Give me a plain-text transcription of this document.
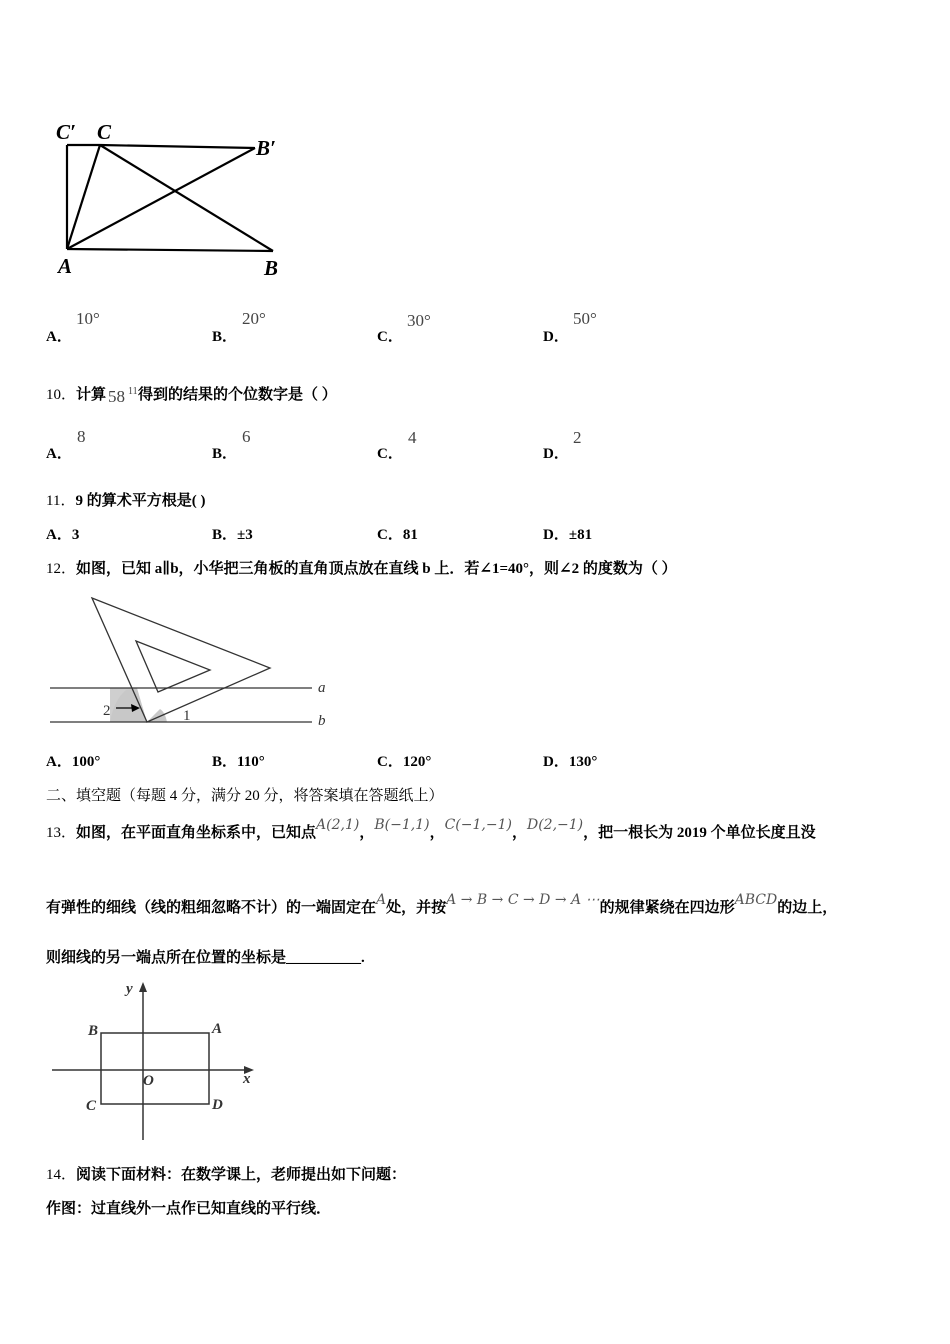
C′ C
B′
A	B
A．
10°
B．
20°
C．
30°
D．
50°
10．计算 58 11 得到的结果的个位数字是（ ）
A．
8
B．
6
C．
4
D．
2
11．9 的算术平方根是( )
A．3	B．±3	C．81	D．±81
12．如图，已知 a∥b，小华把三角板的直角顶点放在直线 b 上．若∠1=40°，则∠2 的度数为（ ）
a
b
1
2
A．100°	B．110°	C．120°	D．130°
二、填空题（每题 4 分，满分 20 分，将答案填在答题纸上）
13．如图，在平面直角坐标系中，已知点A(2,1)，B(−1,1)，C(−1,−1)，D(2,−1)，把一根长为 2019 个单位长度且没
有弹性的细线（线的粗细忽略不计）的一端固定在A处，并按A → B → C → D → A ⋯的规律紧绕在四边形ABCD的边上，
则细线的另一端点所在位置的坐标是__________.
y
x
O
A
B
C	D
14．阅读下面材料：在数学课上，老师提出如下问题：
作图：过直线外一点作已知直线的平行线．
